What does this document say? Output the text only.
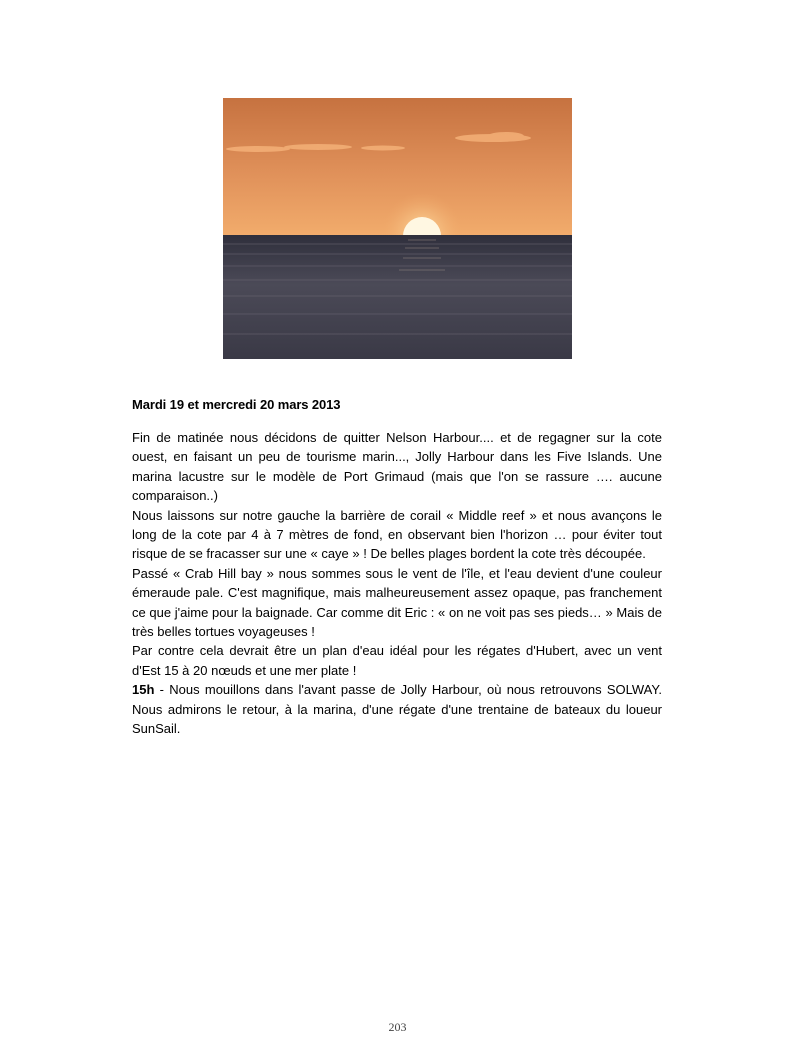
Mardi 19 et mercredi 20 mars 2013

Fin de matinée nous décidons de quitter Nelson Harbour.... et de regagner sur la cote ouest, en faisant un peu de tourisme marin..., Jolly Harbour dans les Five Islands. Une marina lacustre sur le modèle de Port Grimaud (mais que l'on se rassure …. aucune comparaison..)

Nous laissons sur notre gauche la barrière de corail « Middle reef » et nous avançons le long de la cote par 4 à 7 mètres de fond, en observant bien l'horizon … pour éviter tout risque de se fracasser sur une « caye » ! De belles plages bordent la cote très découpée.

Passé « Crab Hill bay » nous sommes sous le vent de l'île, et l'eau devient d'une couleur émeraude pale. C'est magnifique, mais malheureusement assez opaque, pas franchement ce que j'aime pour la baignade. Car comme dit Eric : « on ne voit pas ses pieds… » Mais de très belles tortues voyageuses !

Par contre cela devrait être un plan d'eau idéal pour les régates d'Hubert, avec un vent d'Est 15 à 20 nœuds et une mer plate !

15h - Nous mouillons dans l'avant passe de Jolly Harbour, où nous retrouvons SOLWAY. Nous admirons le retour, à la marina, d'une régate d'une trentaine de bateaux du loueur SunSail.

203
